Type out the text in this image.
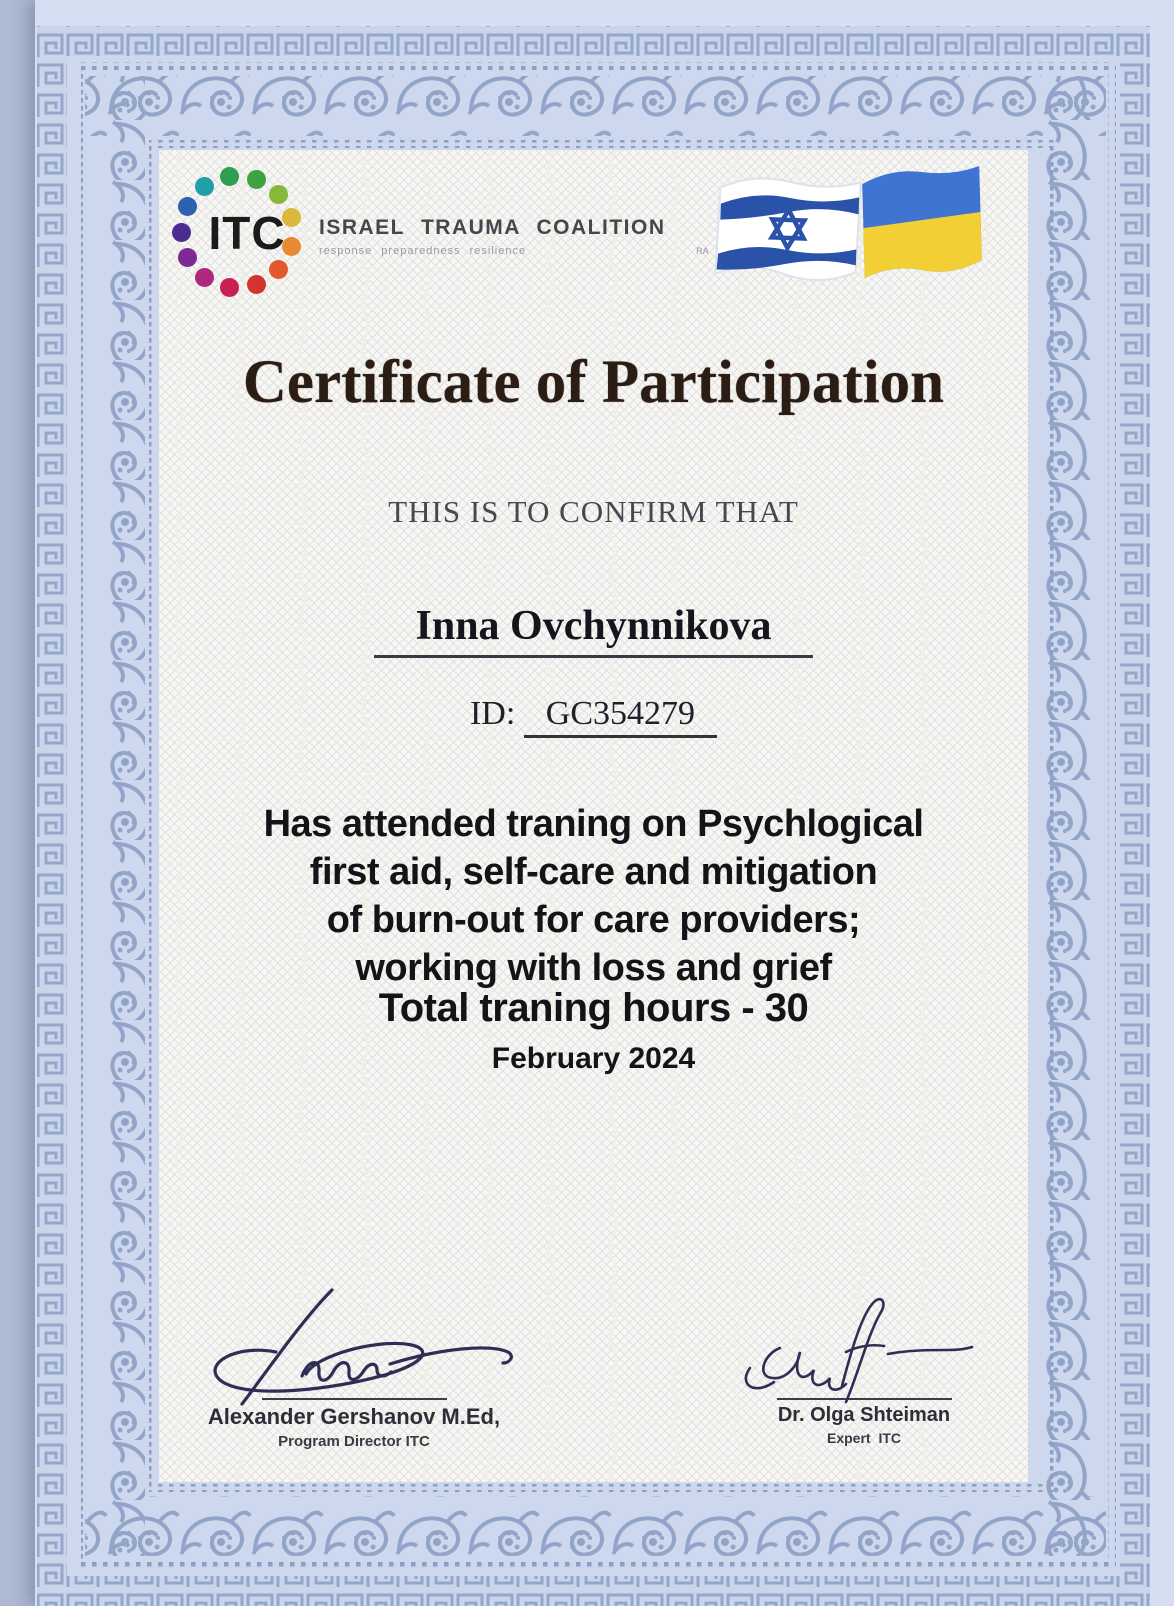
ITC	ISRAEL TRAUMA COALITION
response preparedness resilience	RA
Certificate of Participation
THIS IS TO CONFIRM THAT
Inna Ovchynnikova
ID: GC354279
Has attended traning on Psychlogical
first aid, self-care and mitigation
of burn-out for care providers;
working with loss and grief
Total traning hours - 30
February 2024
Alexander Gershanov M.Ed,
Program Director ITC
Dr. Olga Shteiman
Expert ITC
